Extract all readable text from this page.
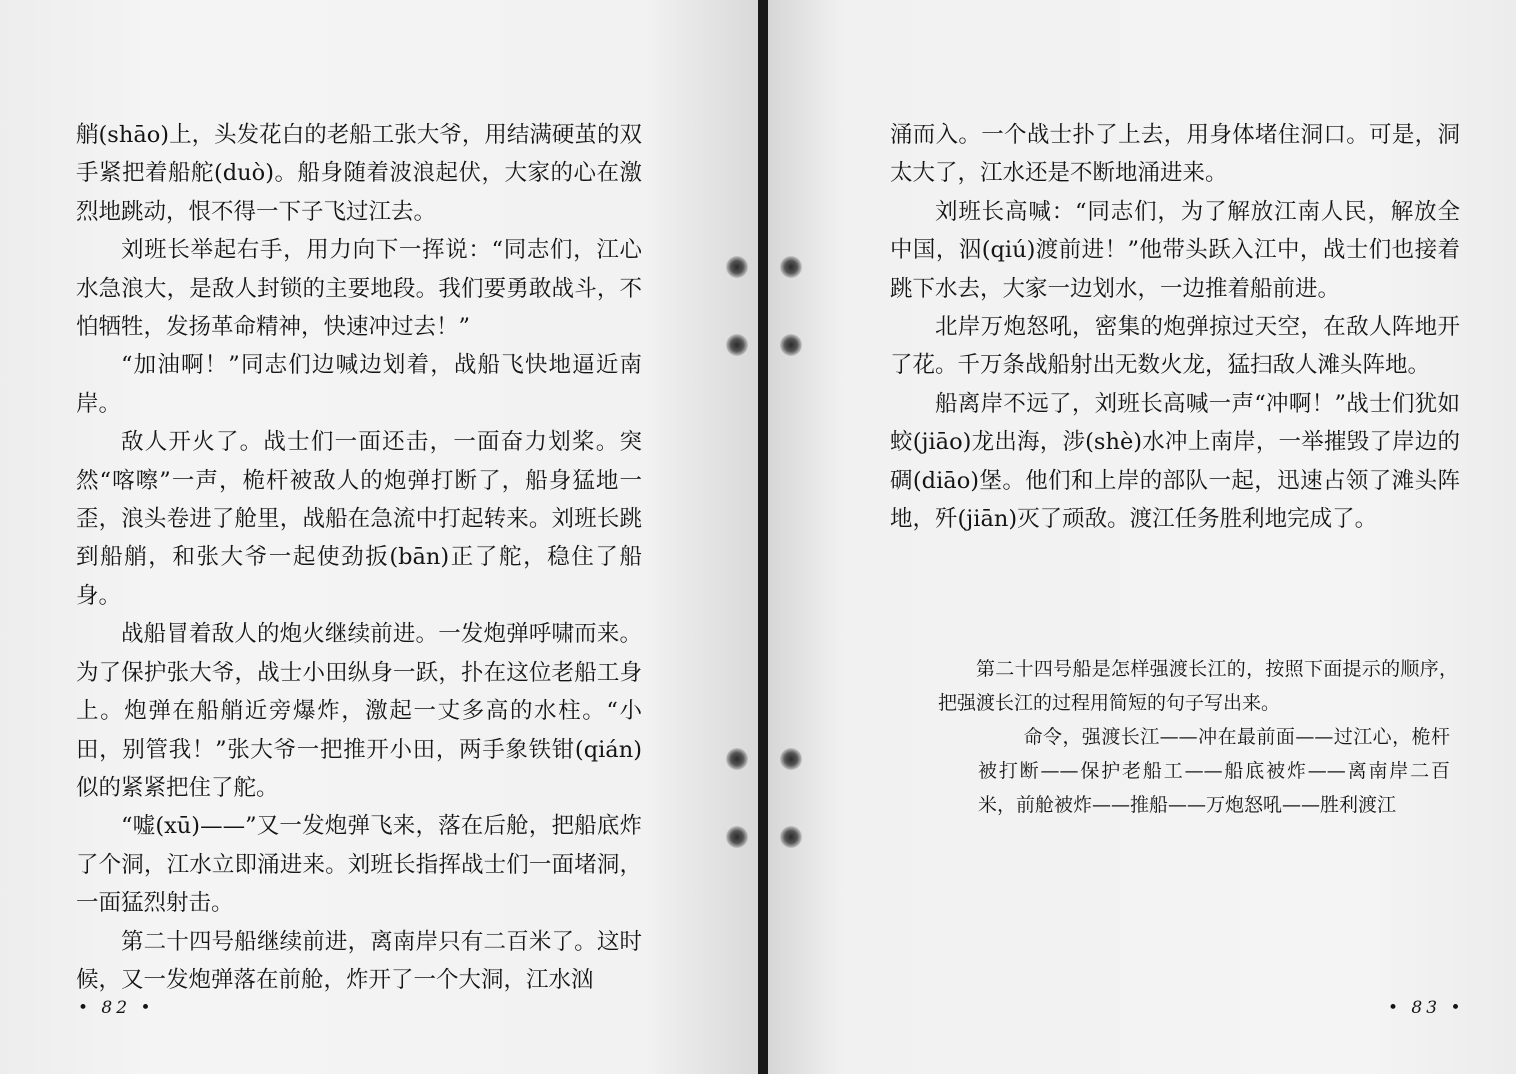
艄(shāo)上，头发花白的老船工张大爷，用结满硬茧的双手紧把着船舵(duò)。船身随着波浪起伏，大家的心在激烈地跳动，恨不得一下子飞过江去。

刘班长举起右手，用力向下一挥说：“同志们，江心水急浪大，是敌人封锁的主要地段。我们要勇敢战斗，不怕牺牲，发扬革命精神，快速冲过去！”

“加油啊！”同志们边喊边划着，战船飞快地逼近南岸。

敌人开火了。战士们一面还击，一面奋力划桨。突然“喀嚓”一声，桅杆被敌人的炮弹打断了，船身猛地一歪，浪头卷进了舱里，战船在急流中打起转来。刘班长跳到船艄，和张大爷一起使劲扳(bān)正了舵，稳住了船身。

战船冒着敌人的炮火继续前进。一发炮弹呼啸而来。为了保护张大爷，战士小田纵身一跃，扑在这位老船工身上。炮弹在船艄近旁爆炸，激起一丈多高的水柱。“小田，别管我！”张大爷一把推开小田，两手象铁钳(qián)似的紧紧把住了舵。

“嘘(xū)——”又一发炮弹飞来，落在后舱，把船底炸了个洞，江水立即涌进来。刘班长指挥战士们一面堵洞，一面猛烈射击。

第二十四号船继续前进，离南岸只有二百米了。这时候，又一发炮弹落在前舱，炸开了一个大洞，江水汹

• 82 •

涌而入。一个战士扑了上去，用身体堵住洞口。可是，洞太大了，江水还是不断地涌进来。

刘班长高喊：“同志们，为了解放江南人民，解放全中国，泅(qiú)渡前进！”他带头跃入江中，战士们也接着跳下水去，大家一边划水，一边推着船前进。

北岸万炮怒吼，密集的炮弹掠过天空，在敌人阵地开了花。千万条战船射出无数火龙，猛扫敌人滩头阵地。

船离岸不远了，刘班长高喊一声“冲啊！”战士们犹如蛟(jiāo)龙出海，涉(shè)水冲上南岸，一举摧毁了岸边的碉(diāo)堡。他们和上岸的部队一起，迅速占领了滩头阵地，歼(jiān)灭了顽敌。渡江任务胜利地完成了。

第二十四号船是怎样强渡长江的，按照下面提示的顺序，把强渡长江的过程用简短的句子写出来。

命令，强渡长江——冲在最前面——过江心，桅杆被打断——保护老船工——船底被炸——离南岸二百米，前舱被炸——推船——万炮怒吼——胜利渡江

• 83 •
